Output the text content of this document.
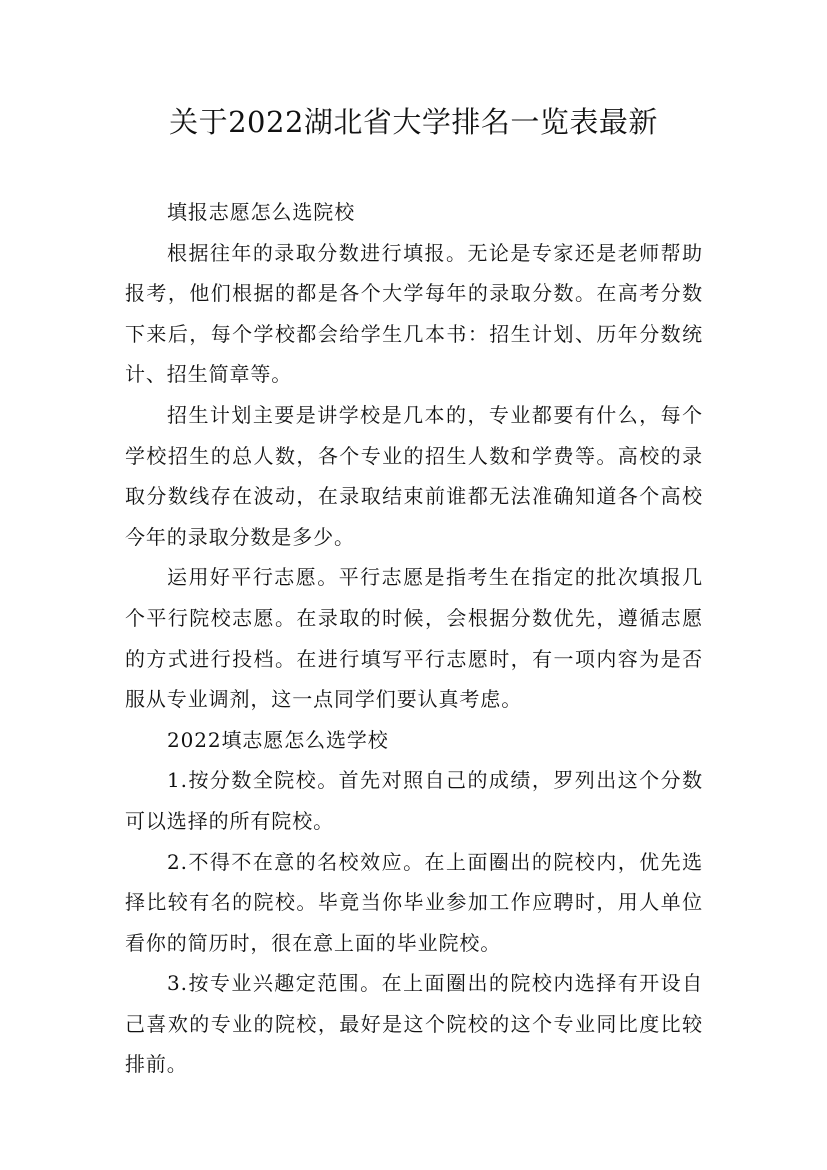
关于2022湖北省大学排名一览表最新

填报志愿怎么选院校

根据往年的录取分数进行填报。无论是专家还是老师帮助报考，他们根据的都是各个大学每年的录取分数。在高考分数下来后，每个学校都会给学生几本书：招生计划、历年分数统计、招生简章等。

招生计划主要是讲学校是几本的，专业都要有什么，每个学校招生的总人数，各个专业的招生人数和学费等。高校的录取分数线存在波动，在录取结束前谁都无法准确知道各个高校今年的录取分数是多少。

运用好平行志愿。平行志愿是指考生在指定的批次填报几个平行院校志愿。在录取的时候，会根据分数优先，遵循志愿的方式进行投档。在进行填写平行志愿时，有一项内容为是否服从专业调剂，这一点同学们要认真考虑。

2022填志愿怎么选学校

1.按分数全院校。首先对照自己的成绩，罗列出这个分数可以选择的所有院校。

2.不得不在意的名校效应。在上面圈出的院校内，优先选择比较有名的院校。毕竟当你毕业参加工作应聘时，用人单位看你的简历时，很在意上面的毕业院校。

3.按专业兴趣定范围。在上面圈出的院校内选择有开设自己喜欢的专业的院校，最好是这个院校的这个专业同比度比较排前。
